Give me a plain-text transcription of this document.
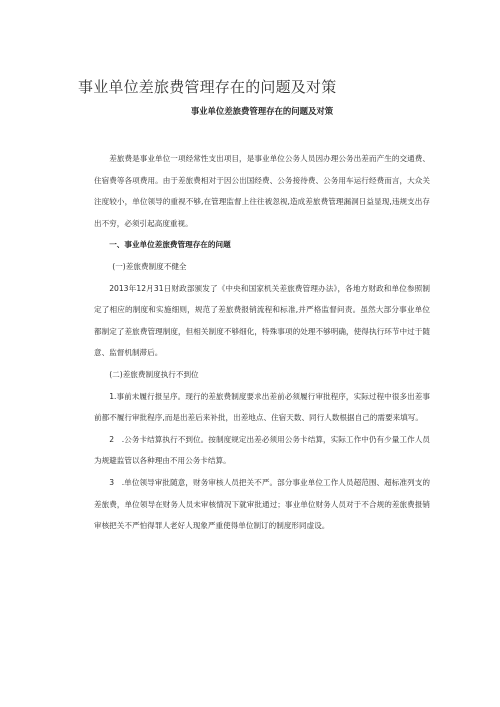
事业单位差旅费管理存在的问题及对策
事业单位差旅费管理存在的问题及对策

差旅费是事业单位一项经常性支出项目，是事业单位公务人员因办理公务出差而产生的交通费、住宿费等各项费用。由于差旅费相对于因公出国经费、公务接待费、公务用车运行经费而言，大众关注度较小，单位领导的重视不够,在管理监督上往往被忽视,造成差旅费管理漏洞日益显现,违规支出存出不穷，必须引起高度重视。

一、事业单位差旅费管理存在的问题

(一)差旅费制度不健全

2013年12月31日财政部颁发了《中央和国家机关差旅费管理办法》，各地方财政和单位参照制定了相应的制度和实施细则，规范了差旅费报销流程和标准,并严格监督问责。虽然大部分事业单位都制定了差旅费管理制度，但相关制度不够细化，特殊事项的处理不够明确，使得执行环节中过于随意、监督机制滞后。

(二)差旅费制度执行不到位

1.事前未履行报呈序。现行的差旅费制度要求出差前必须履行审批程序，实际过程中很多出差事前都不履行审批程序,而是出差后来补批，出差地点、住宿天数、同行人数根据自己的需要来填写。

2　.公务卡结算执行不到位。按制度规定出差必须用公务卡结算，实际工作中仍有少量工作人员为规避监管以各种理由不用公务卡结算。

3　.单位领导审批随意，财务审核人员把关不严。部分事业单位工作人员超范围、超标准列支的差旅费，单位领导在财务人员未审核情况下就审批通过；事业单位财务人员对于不合规的差旅费报销审核把关不严怕得罪人老好人现象严重使得单位制订的制度形同虚设。
